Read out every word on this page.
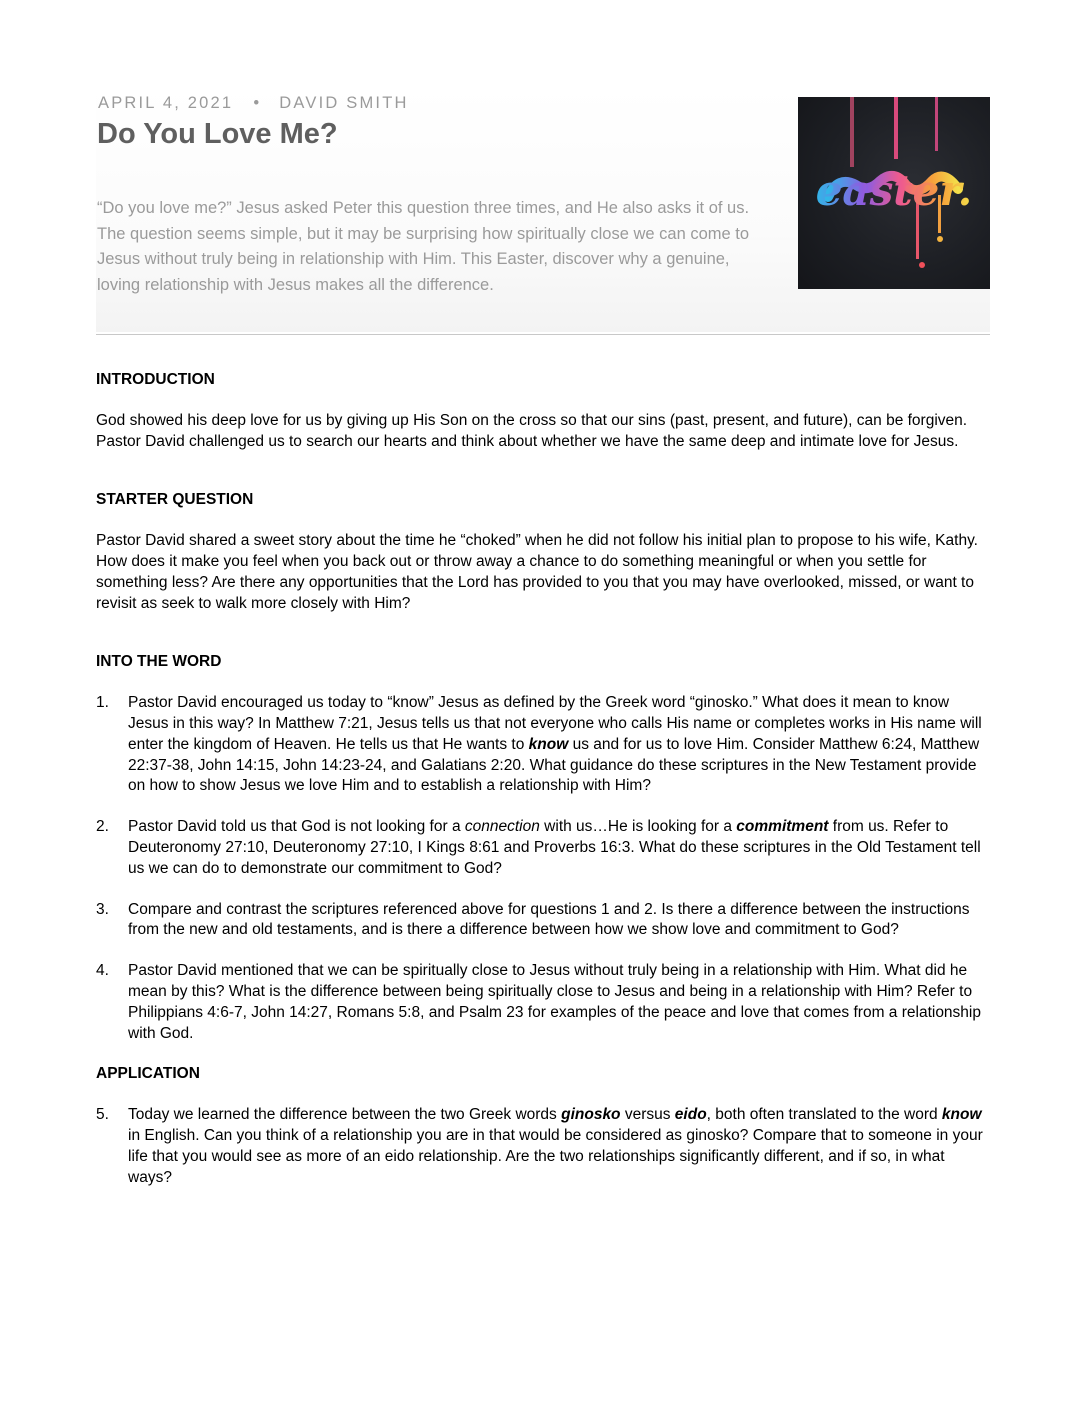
APRIL 4, 2021 • DAVID SMITH
Do You Love Me?

“Do you love me?” Jesus asked Peter this question three times, and He also asks it of us. The question seems simple, but it may be surprising how spiritually close we can come to Jesus without truly being in relationship with Him. This Easter, discover why a genuine, loving relationship with Jesus makes all the difference.

easter.

INTRODUCTION

God showed his deep love for us by giving up His Son on the cross so that our sins (past, present, and future), can be forgiven. Pastor David challenged us to search our hearts and think about whether we have the same deep and intimate love for Jesus.

STARTER QUESTION

Pastor David shared a sweet story about the time he “choked” when he did not follow his initial plan to propose to his wife, Kathy. How does it make you feel when you back out or throw away a chance to do something meaningful or when you settle for something less? Are there any opportunities that the Lord has provided to you that you may have overlooked, missed, or want to revisit as seek to walk more closely with Him?

INTO THE WORD

1.	Pastor David encouraged us today to “know” Jesus as defined by the Greek word “ginosko.” What does it mean to know Jesus in this way? In Matthew 7:21, Jesus tells us that not everyone who calls His name or completes works in His name will enter the kingdom of Heaven. He tells us that He wants to know us and for us to love Him. Consider Matthew 6:24, Matthew 22:37-38, John 14:15, John 14:23-24, and Galatians 2:20. What guidance do these scriptures in the New Testament provide on how to show Jesus we love Him and to establish a relationship with Him?
2.	Pastor David told us that God is not looking for a connection with us…He is looking for a commitment from us. Refer to Deuteronomy 27:10, Deuteronomy 27:10, I Kings 8:61 and Proverbs 16:3. What do these scriptures in the Old Testament tell us we can do to demonstrate our commitment to God?
3.	Compare and contrast the scriptures referenced above for questions 1 and 2. Is there a difference between the instructions from the new and old testaments, and is there a difference between how we show love and commitment to God?
4.	Pastor David mentioned that we can be spiritually close to Jesus without truly being in a relationship with Him. What did he mean by this? What is the difference between being spiritually close to Jesus and being in a relationship with Him? Refer to Philippians 4:6-7, John 14:27, Romans 5:8, and Psalm 23 for examples of the peace and love that comes from a relationship with God.

APPLICATION

5.	Today we learned the difference between the two Greek words ginosko versus eido, both often translated to the word know in English. Can you think of a relationship you are in that would be considered as ginosko? Compare that to someone in your life that you would see as more of an eido relationship. Are the two relationships significantly different, and if so, in what ways?
